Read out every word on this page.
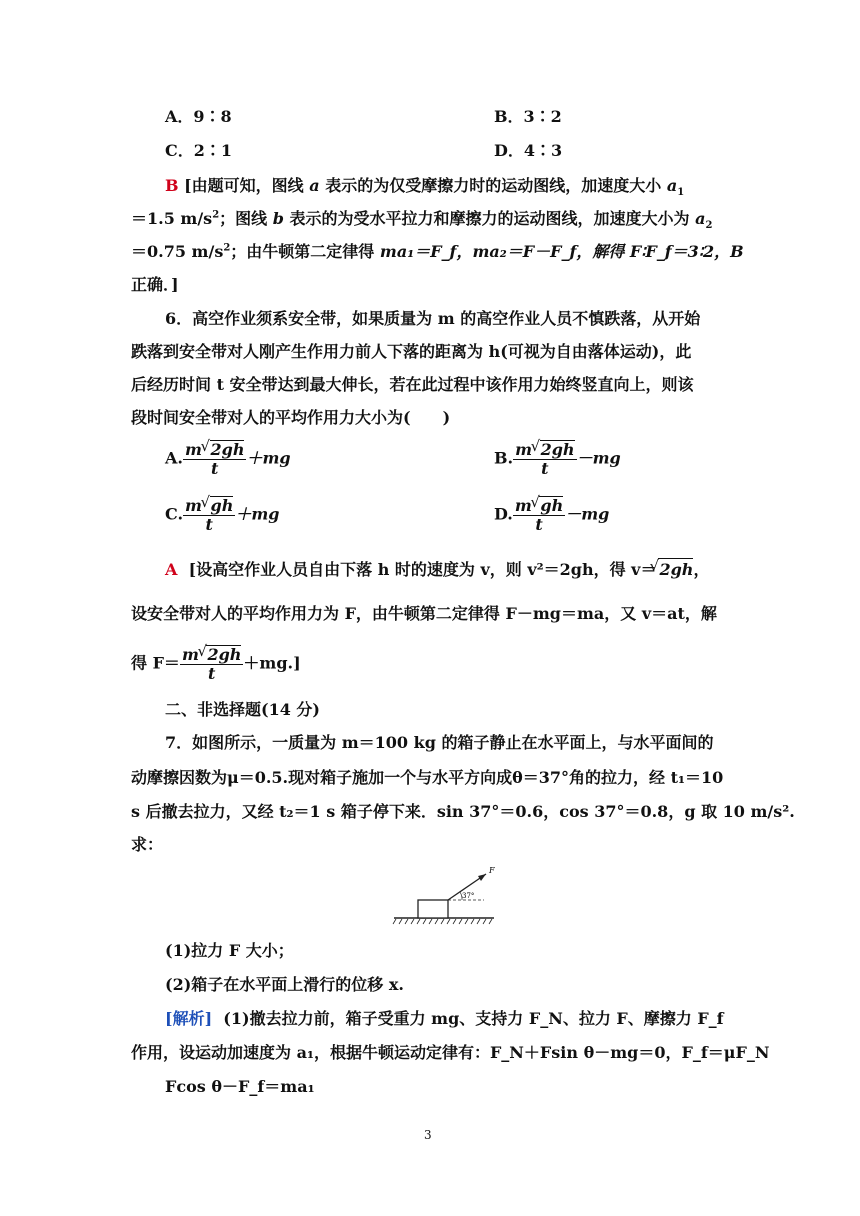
A．9∶8	B．3∶2
C．2∶1	D．4∶3
B [由题可知，图线 a 表示的为仅受摩擦力时的运动图线，加速度大小 $a_1$
＝1.5 $m/s^2$；图线 b 表示的为受水平拉力和摩擦力的运动图线，加速度大小为 $a_2$
＝0.75 $m/s^2$；由牛顿第二定律得 ma₁＝F_f，ma₂＝F－F_f，解得 F∶F_f＝3∶2，B
正确．]
6．高空作业须系安全带，如果质量为 m 的高空作业人员不慎跌落，从开始
跌落到安全带对人刚产生作用力前人下落的距离为 h(可视为自由落体运动)，此
后经历时间 t 安全带达到最大伸长，若在此过程中该作用力始终竖直向上，则该
段时间安全带对人的平均作用力大小为(　　)
A. $\frac{m √ 2gh}{t} +mg$	B. $\frac{m √ 2gh}{t} -mg$
C. $\frac{m √ gh}{t} +mg$	D. $\frac{m √ gh}{t} -mg$
A [设高空作业人员自由下落 h 时的速度为 v，则 v²＝2gh，得 v＝ √ 2gh，
设安全带对人的平均作用力为 F，由牛顿第二定律得 F－mg＝ma，又 v＝at，解
得 $F= \frac{m √ 2gh}{t} +mg$.]
二、非选择题(14 分)
7．如图所示，一质量为 m＝100 kg 的箱子静止在水平面上，与水平面间的
动摩擦因数为μ＝0.5.现对箱子施加一个与水平方向成θ＝37°角的拉力，经 t₁＝10
s 后撤去拉力，又经 t₂＝1 s 箱子停下来．sin 37°＝0.6，cos 37°＝0.8，g 取 10 m/s².
求：
F
37°
(1)拉力 F 大小；
(2)箱子在水平面上滑行的位移 x.
[解析] (1)撤去拉力前，箱子受重力 mg、支持力 F_N、拉力 F、摩擦力 F_f
作用，设运动加速度为 a₁，根据牛顿运动定律有：F_N＋Fsin θ－mg＝0，F_f＝μF_N
Fcos θ－F_f＝ma₁
3
